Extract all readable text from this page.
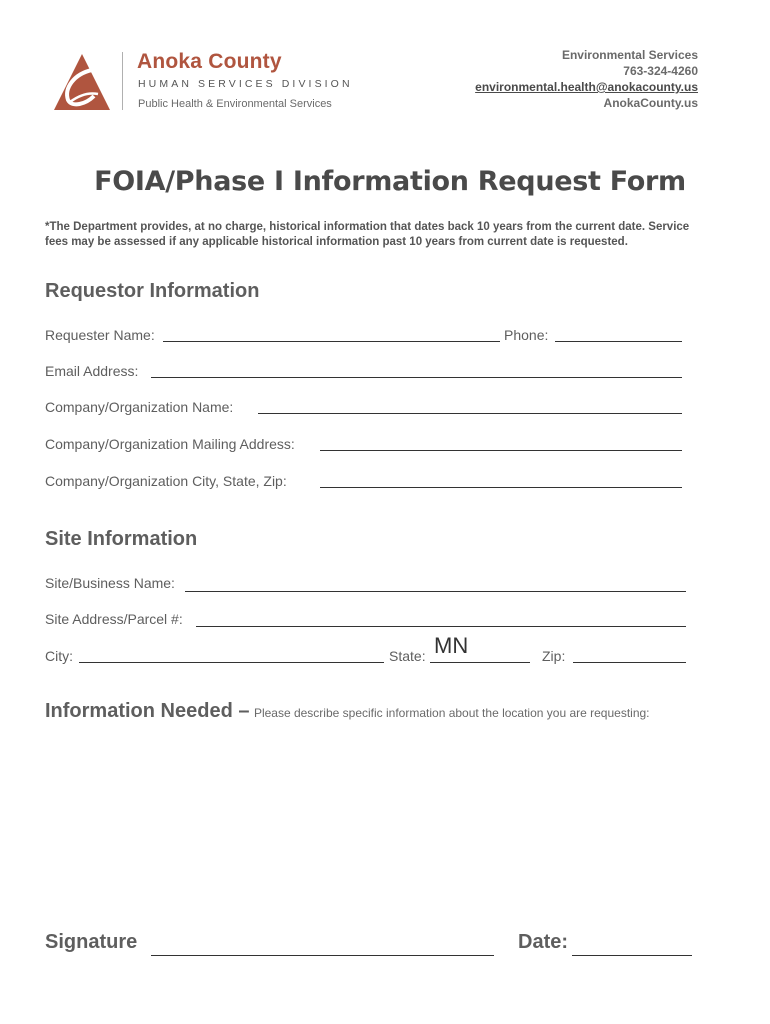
Anoka County
HUMAN SERVICES DIVISION
Public Health & Environmental Services
Environmental Services
763-324-4260
environmental.health@anokacounty.us
AnokaCounty.us
FOIA/Phase I Information Request Form
*The Department provides, at no charge, historical information that dates back 10 years from the current date. Service fees may be assessed if any applicable historical information past 10 years from current date is requested.
Requestor Information
Requester Name:	Phone:
Email Address:
Company/Organization Name:
Company/Organization Mailing Address:
Company/Organization City, State, Zip:
Site Information
Site/Business Name:
Site Address/Parcel #:
City:	State: MN	Zip:
Information Needed – Please describe specific information about the location you are requesting:
Signature	Date:
